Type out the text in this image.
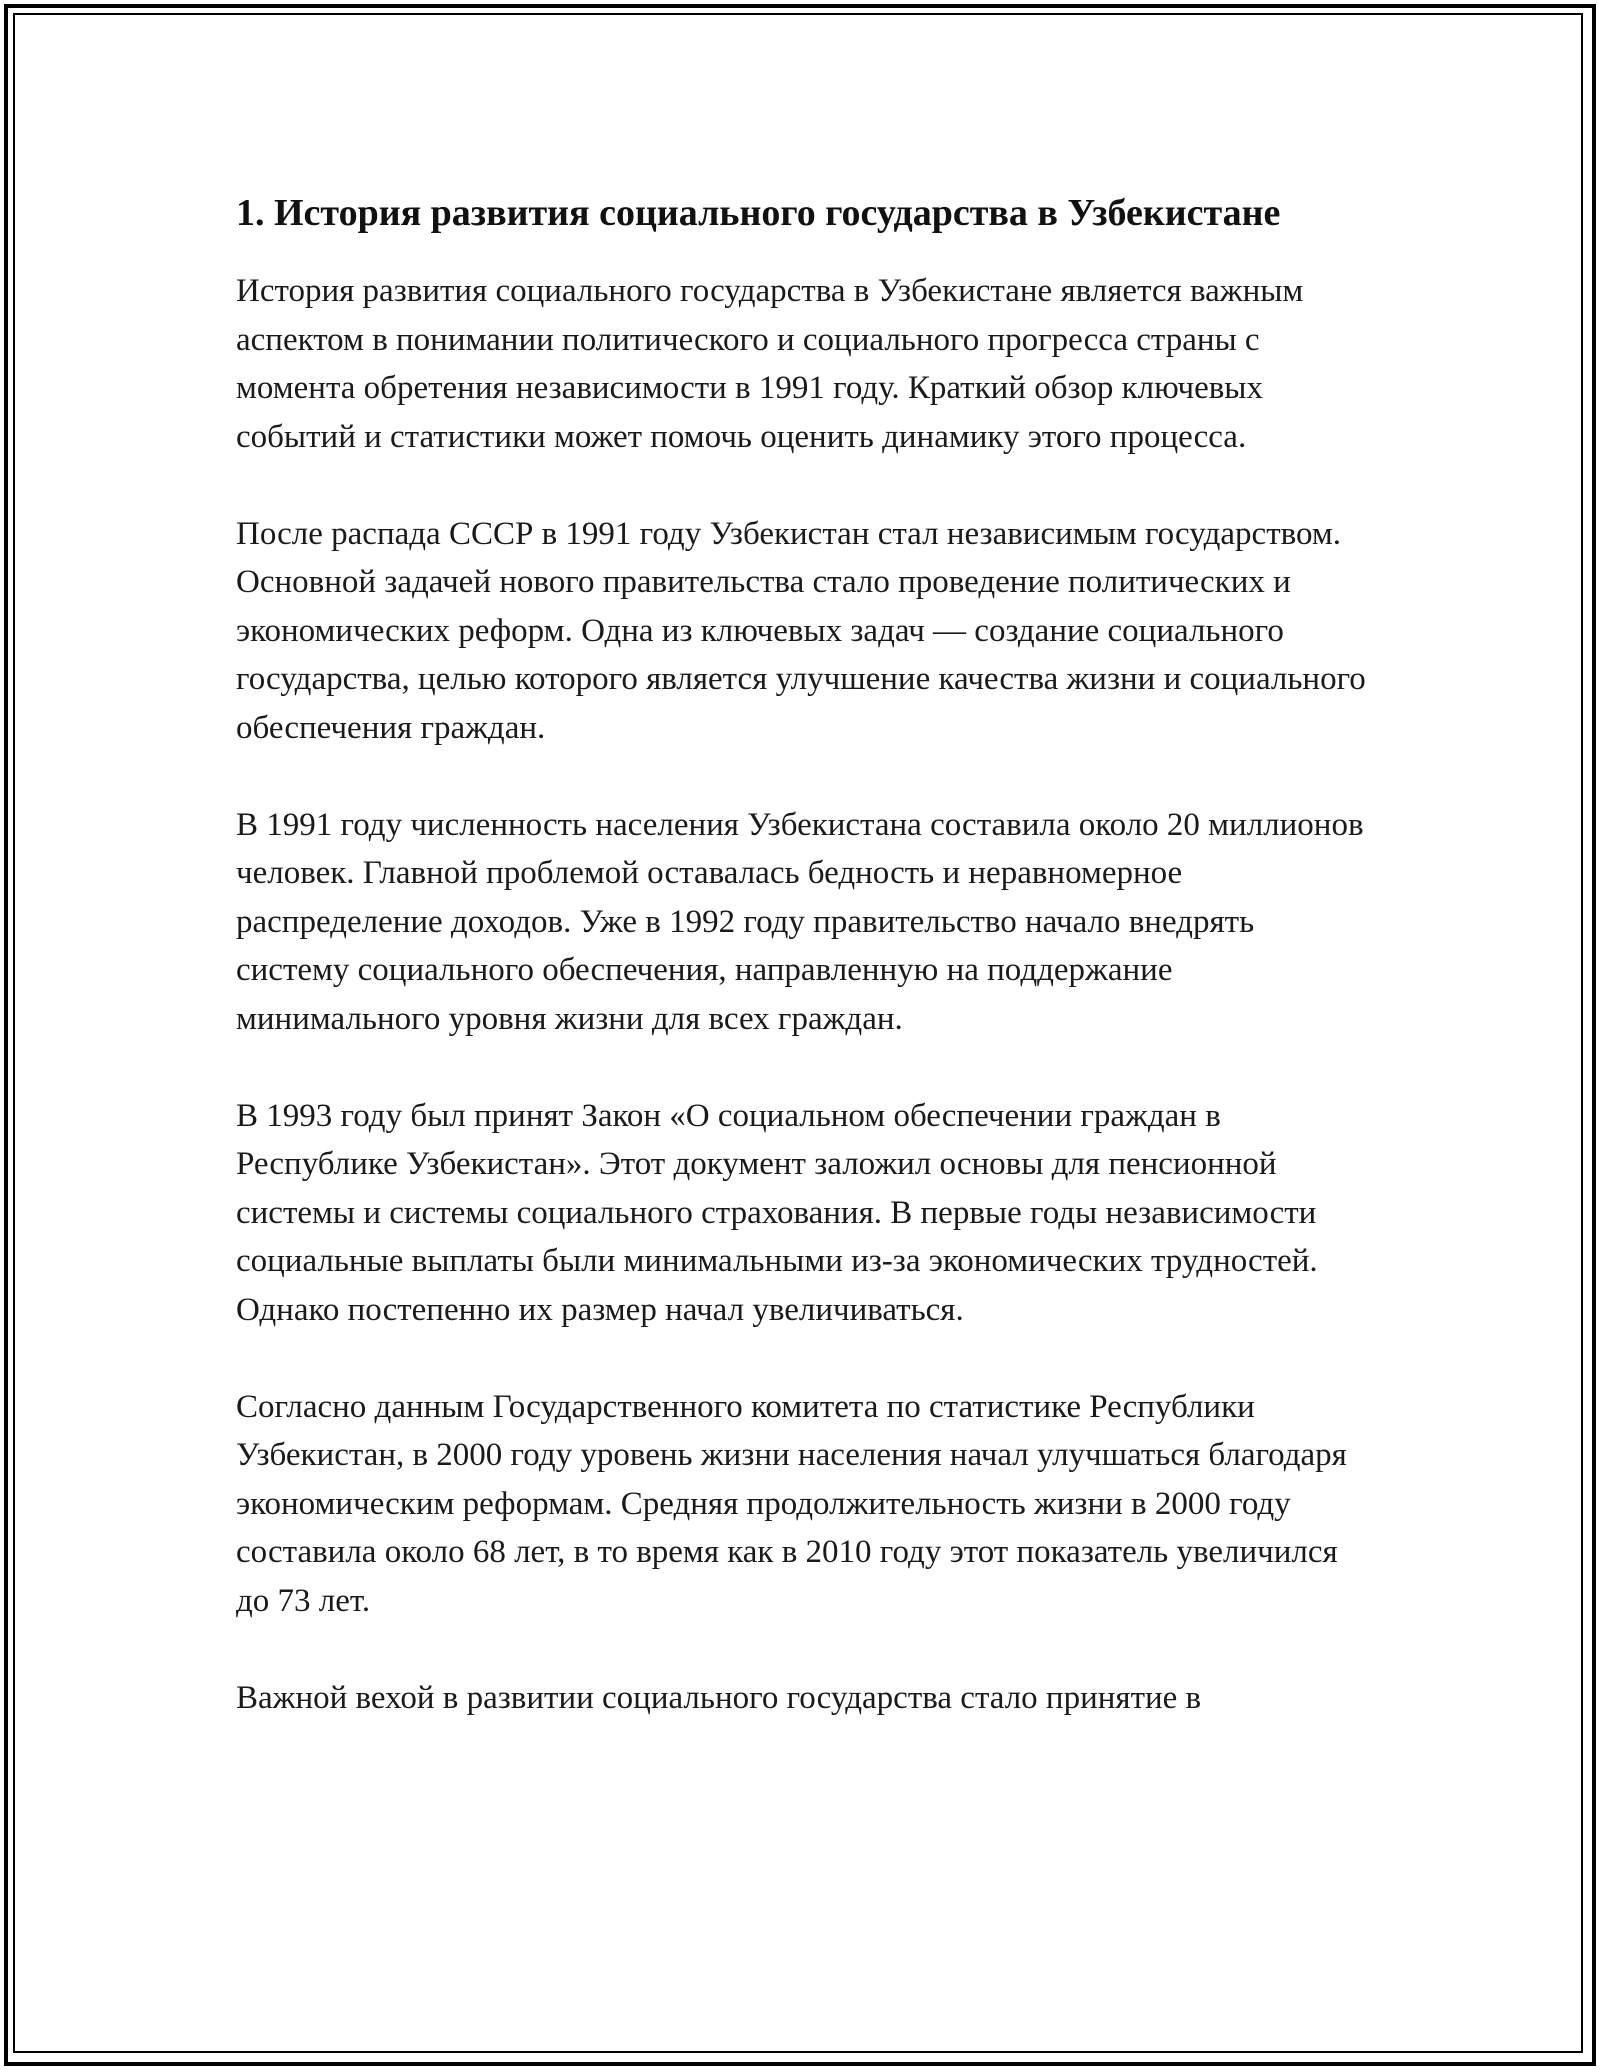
1. История развития социального государства в Узбекистане

История развития социального государства в Узбекистане является важным аспектом в понимании политического и социального прогресса страны с момента обретения независимости в 1991 году. Краткий обзор ключевых событий и статистики может помочь оценить динамику этого процесса.

После распада СССР в 1991 году Узбекистан стал независимым государством. Основной задачей нового правительства стало проведение политических и экономических реформ. Одна из ключевых задач — создание социального государства, целью которого является улучшение качества жизни и социального обеспечения граждан.

В 1991 году численность населения Узбекистана составила около 20 миллионов человек. Главной проблемой оставалась бедность и неравномерное распределение доходов. Уже в 1992 году правительство начало внедрять систему социального обеспечения, направленную на поддержание минимального уровня жизни для всех граждан.

В 1993 году был принят Закон «О социальном обеспечении граждан в Республике Узбекистан». Этот документ заложил основы для пенсионной системы и системы социального страхования. В первые годы независимости социальные выплаты были минимальными из-за экономических трудностей. Однако постепенно их размер начал увеличиваться.

Согласно данным Государственного комитета по статистике Республики Узбекистан, в 2000 году уровень жизни населения начал улучшаться благодаря экономическим реформам. Средняя продолжительность жизни в 2000 году составила около 68 лет, в то время как в 2010 году этот показатель увеличился до 73 лет.

Важной вехой в развитии социального государства стало принятие в
